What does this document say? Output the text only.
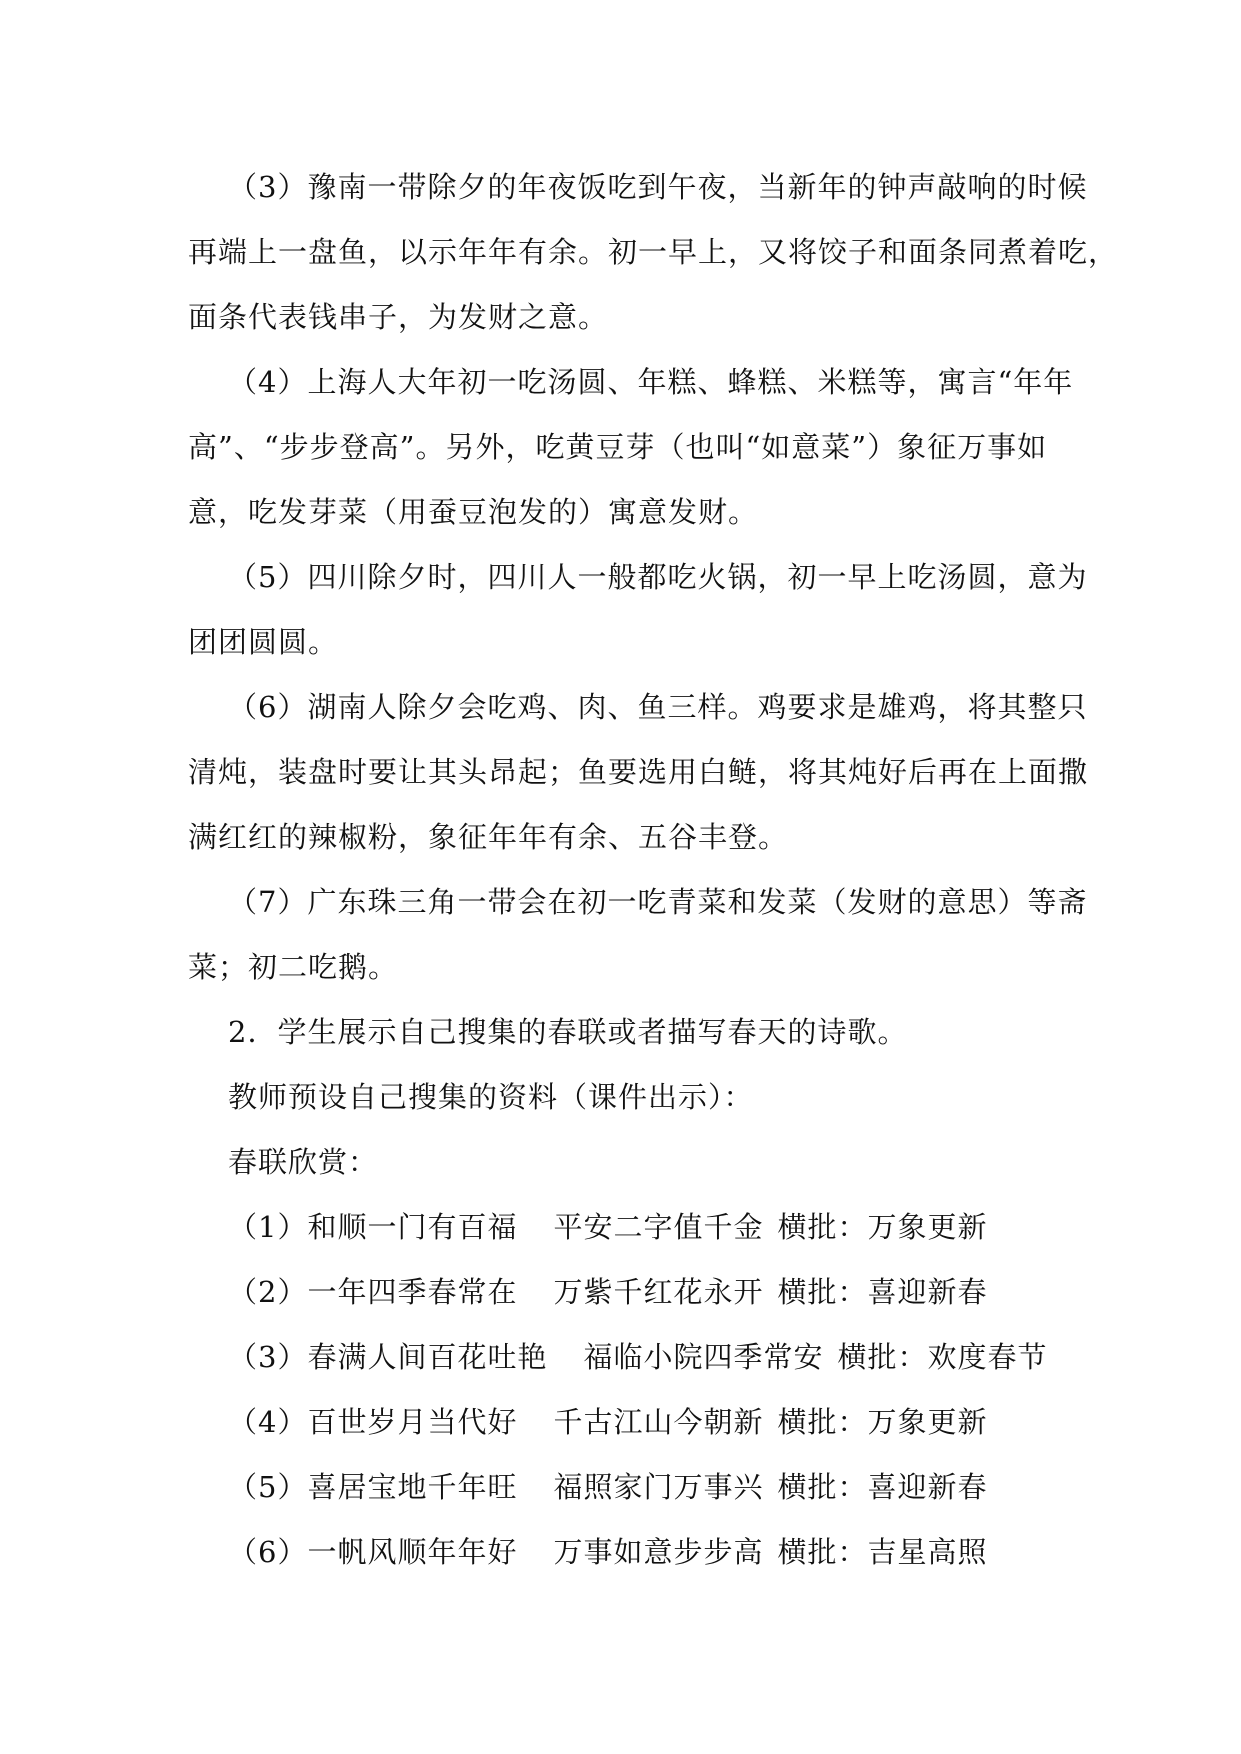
（3）豫南一带除夕的年夜饭吃到午夜，当新年的钟声敲响的时候
再端上一盘鱼，以示年年有余。初一早上，又将饺子和面条同煮着吃，
面条代表钱串子，为发财之意。
（4）上海人大年初一吃汤圆、年糕、蜂糕、米糕等，寓言“年年
高”、“步步登高”。另外，吃黄豆芽（也叫“如意菜”）象征万事如
意，吃发芽菜（用蚕豆泡发的）寓意发财。
（5）四川除夕时，四川人一般都吃火锅，初一早上吃汤圆，意为
团团圆圆。
（6）湖南人除夕会吃鸡、肉、鱼三样。鸡要求是雄鸡，将其整只
清炖，装盘时要让其头昂起；鱼要选用白鲢，将其炖好后再在上面撒
满红红的辣椒粉，象征年年有余、五谷丰登。
（7）广东珠三角一带会在初一吃青菜和发菜（发财的意思）等斋
菜；初二吃鹅。
2．学生展示自己搜集的春联或者描写春天的诗歌。
教师预设自己搜集的资料（课件出示）：
春联欣赏：
（1）和顺一门有百福 平安二字值千金 横批：万象更新
（2）一年四季春常在 万紫千红花永开 横批：喜迎新春
（3）春满人间百花吐艳 福临小院四季常安 横批：欢度春节
（4）百世岁月当代好 千古江山今朝新 横批：万象更新
（5）喜居宝地千年旺 福照家门万事兴 横批：喜迎新春
（6）一帆风顺年年好 万事如意步步高 横批：吉星高照
